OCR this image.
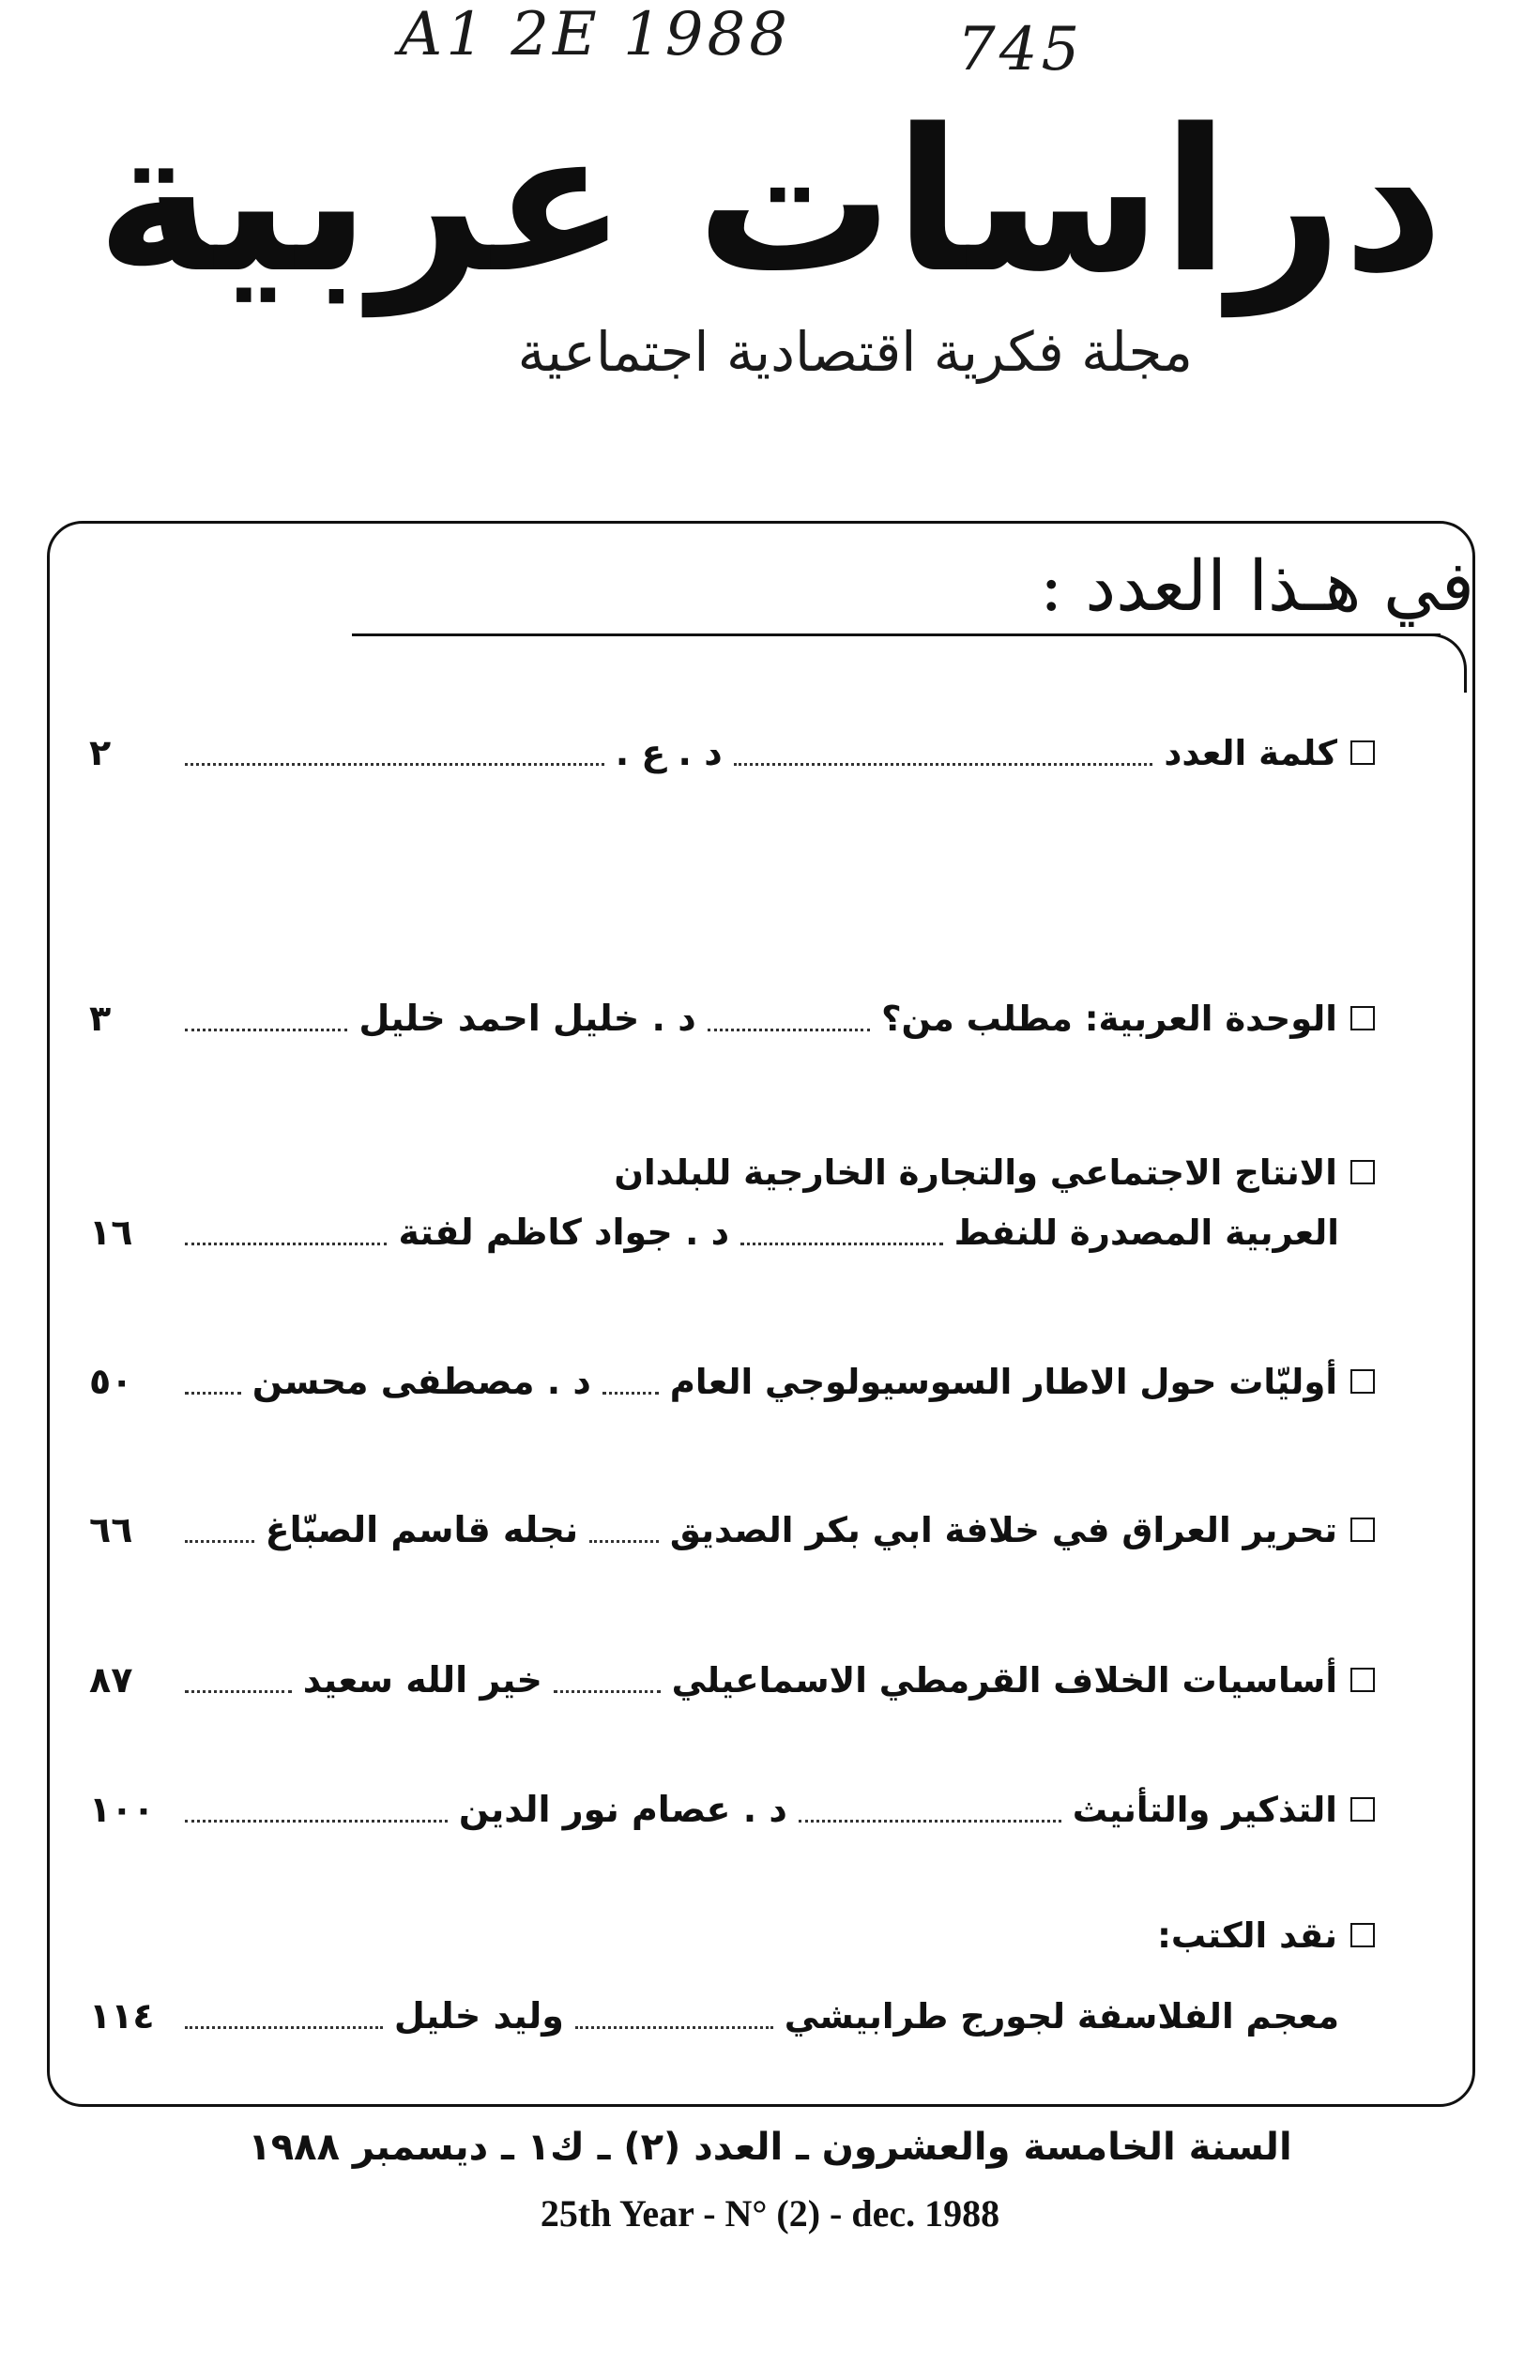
A1 2E 1988	745
دراسات عربية
مجلة فكرية اقتصادية اجتماعية
في هـذا العدد :
كلمة العدد
د . ع .
٢
الوحدة العربية: مطلب من؟
د . خليل احمد خليل
٣
الانتاج الاجتماعي والتجارة الخارجية للبلدان
العربية المصدرة للنفط
د . جواد كاظم لفتة
١٦
أوليّات حول الاطار السوسيولوجي العام
د . مصطفى محسن
٥٠
تحرير العراق في خلافة ابي بكر الصديق
نجله قاسم الصبّاغ
٦٦
أساسيات الخلاف القرمطي الاسماعيلي
خير الله سعيد
٨٧
التذكير والتأنيث
د . عصام نور الدين
١٠٠
نقد الكتب:
معجم الفلاسفة لجورج طرابيشي
وليد خليل
١١٤
السنة الخامسة والعشرون ـ العدد (٢) ـ ك١ ـ ديسمبر ١٩٨٨
25th Year - N° (2) - dec. 1988
